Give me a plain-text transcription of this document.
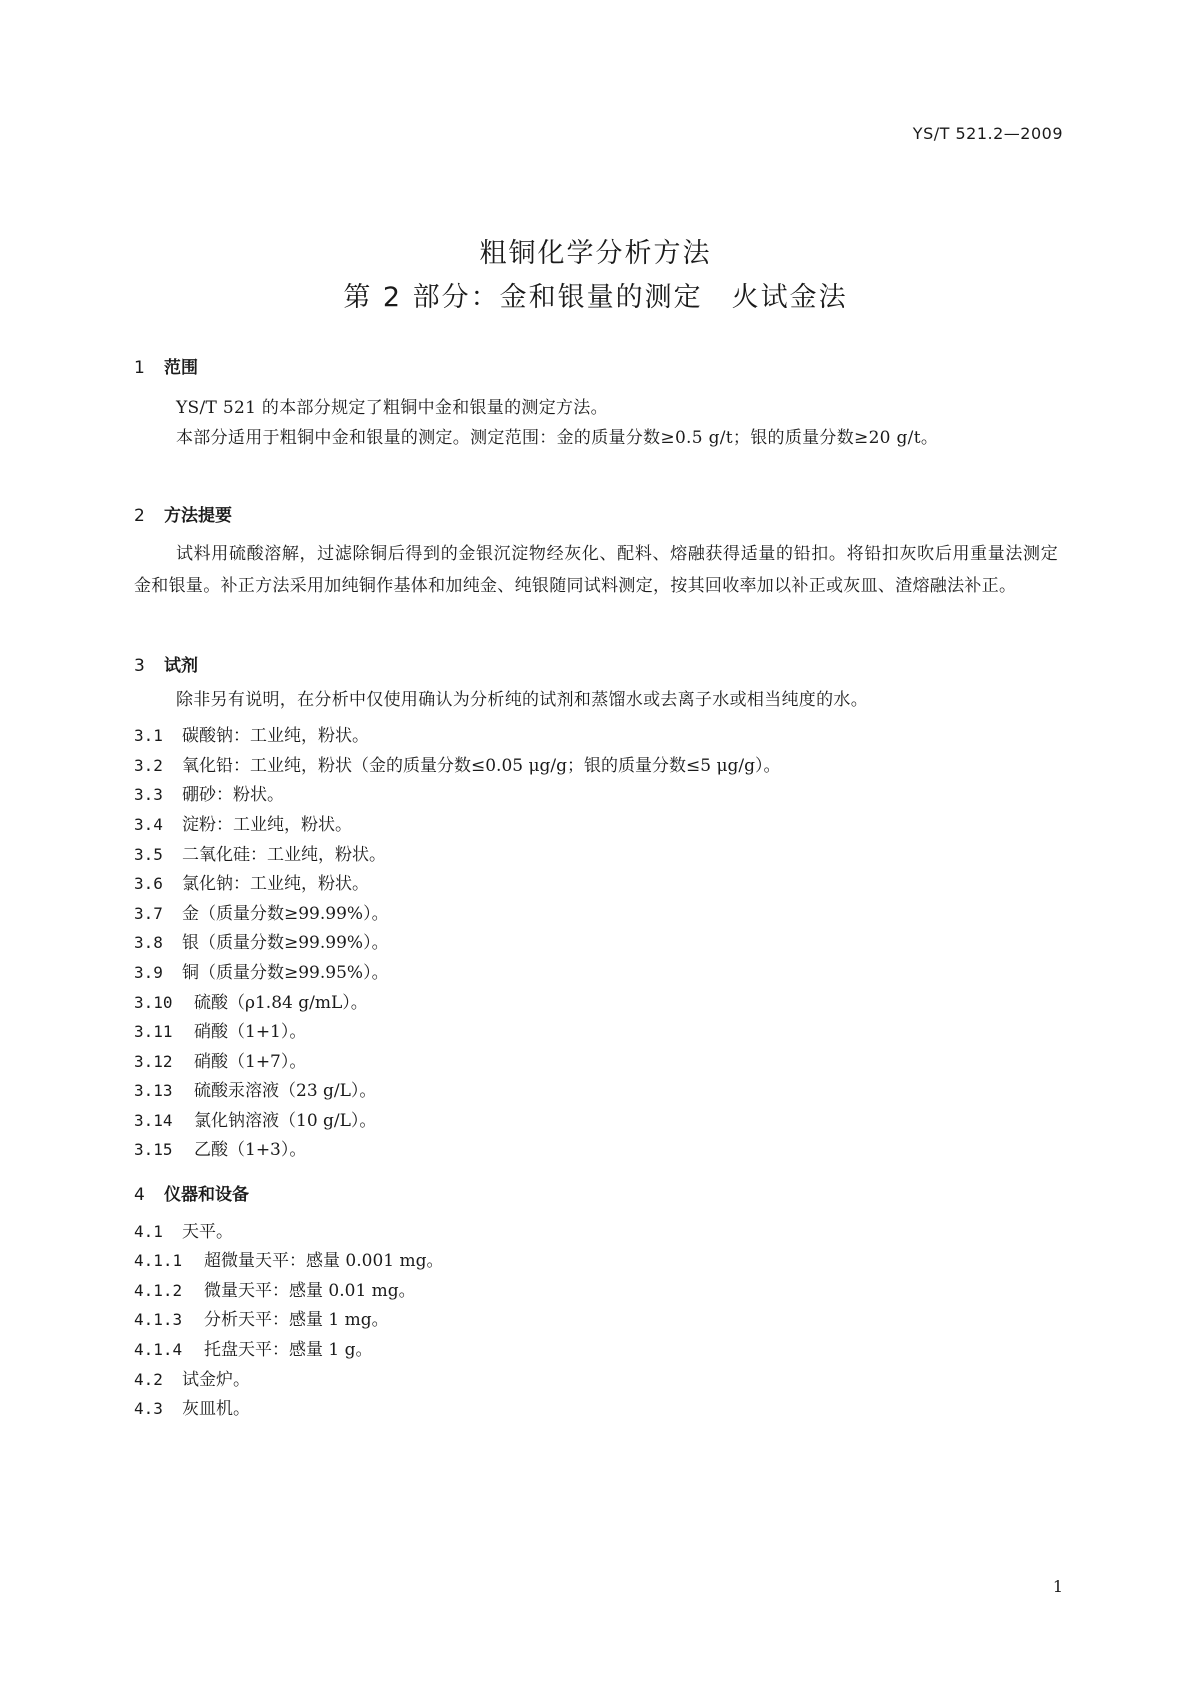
YS/T 521.2—2009
粗铜化学分析方法
第 2 部分：金和银量的测定　火试金法
1 范围
YS/T 521 的本部分规定了粗铜中金和银量的测定方法。
本部分适用于粗铜中金和银量的测定。测定范围：金的质量分数≥0.5 g/t；银的质量分数≥20 g/t。
2 方法提要
试料用硫酸溶解，过滤除铜后得到的金银沉淀物经灰化、配料、熔融获得适量的铅扣。将铅扣灰吹后用重量法测定金和银量。补正方法采用加纯铜作基体和加纯金、纯银随同试料测定，按其回收率加以补正或灰皿、渣熔融法补正。
3 试剂
除非另有说明，在分析中仅使用确认为分析纯的试剂和蒸馏水或去离子水或相当纯度的水。
3.1 碳酸钠：工业纯，粉状。
3.2 氧化铅：工业纯，粉状（金的质量分数≤0.05 μg/g；银的质量分数≤5 μg/g）。
3.3 硼砂：粉状。
3.4 淀粉：工业纯，粉状。
3.5 二氧化硅：工业纯，粉状。
3.6 氯化钠：工业纯，粉状。
3.7 金（质量分数≥99.99%）。
3.8 银（质量分数≥99.99%）。
3.9 铜（质量分数≥99.95%）。
3.10 硫酸（ρ1.84 g/mL）。
3.11 硝酸（1+1）。
3.12 硝酸（1+7）。
3.13 硫酸汞溶液（23 g/L）。
3.14 氯化钠溶液（10 g/L）。
3.15 乙酸（1+3）。
4 仪器和设备
4.1 天平。
4.1.1 超微量天平：感量 0.001 mg。
4.1.2 微量天平：感量 0.01 mg。
4.1.3 分析天平：感量 1 mg。
4.1.4 托盘天平：感量 1 g。
4.2 试金炉。
4.3 灰皿机。
1
